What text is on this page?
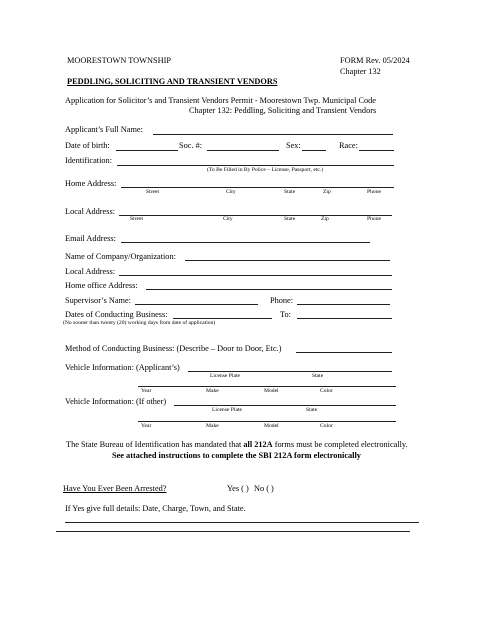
MOORESTOWN TOWNSHIP	FORM Rev. 05/2024
Chapter 132
PEDDLING, SOLICITING AND TRANSIENT VENDORS
Application for Solicitor’s and Transient Vendors Permit - Moorestown Twp. Municipal Code
Chapter 132: Peddling, Soliciting and Transient Vendors
Applicant’s Full Name:
Date of birth:	Soc. #:	Sex:	Race:
Identification:
(To Be Filled in By Police – License, Passport, etc.)
Home Address:
Street	City	State	Zip	Phone
Local Address:
Street	City	State	Zip	Phone
Email Address:
Name of Company/Organization:
Local Address:
Home office Address:
Supervisor’s Name:	Phone:
Dates of Conducting Business:	To:
(No sooner than twenty (20) working days from date of application)
Method of Conducting Business: (Describe – Door to Door, Etc.)
Vehicle Information: (Applicant’s)
License Plate	State
Year	Make	Model	Color
Vehicle Information: (If other)
License Plate	State
Year	Make	Model	Color
The State Bureau of Identification has mandated that all 212A forms must be completed electronically.
See attached instructions to complete the SBI 212A form electronically
Have You Ever Been Arrested?	Yes ( ) No ( )
If Yes give full details: Date, Charge, Town, and State.
